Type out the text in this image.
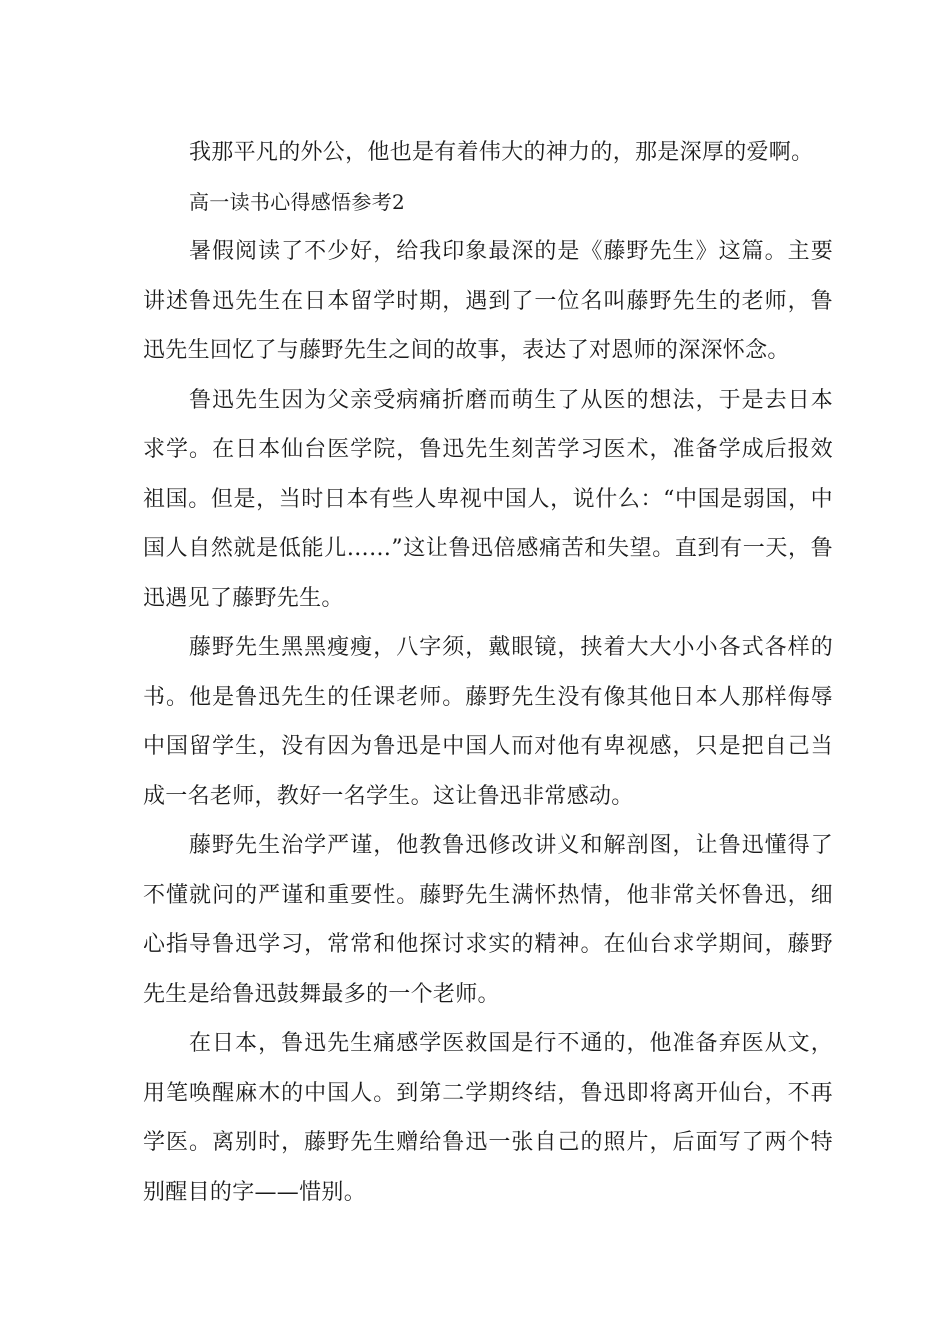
我那平凡的外公，他也是有着伟大的神力的，那是深厚的爱啊。

高一读书心得感悟参考2

暑假阅读了不少好，给我印象最深的是《藤野先生》这篇。主要讲述鲁迅先生在日本留学时期，遇到了一位名叫藤野先生的老师，鲁迅先生回忆了与藤野先生之间的故事，表达了对恩师的深深怀念。

鲁迅先生因为父亲受病痛折磨而萌生了从医的想法，于是去日本求学。在日本仙台医学院，鲁迅先生刻苦学习医术，准备学成后报效祖国。但是，当时日本有些人卑视中国人，说什么：“中国是弱国，中国人自然就是低能儿……”这让鲁迅倍感痛苦和失望。直到有一天，鲁迅遇见了藤野先生。

藤野先生黑黑瘦瘦，八字须，戴眼镜，挟着大大小小各式各样的书。他是鲁迅先生的任课老师。藤野先生没有像其他日本人那样侮辱中国留学生，没有因为鲁迅是中国人而对他有卑视感，只是把自己当成一名老师，教好一名学生。这让鲁迅非常感动。

藤野先生治学严谨，他教鲁迅修改讲义和解剖图，让鲁迅懂得了不懂就问的严谨和重要性。藤野先生满怀热情，他非常关怀鲁迅，细心指导鲁迅学习，常常和他探讨求实的精神。在仙台求学期间，藤野先生是给鲁迅鼓舞最多的一个老师。

在日本，鲁迅先生痛感学医救国是行不通的，他准备弃医从文，用笔唤醒麻木的中国人。到第二学期终结，鲁迅即将离开仙台，不再学医。离别时，藤野先生赠给鲁迅一张自己的照片，后面写了两个特别醒目的字——惜别。
